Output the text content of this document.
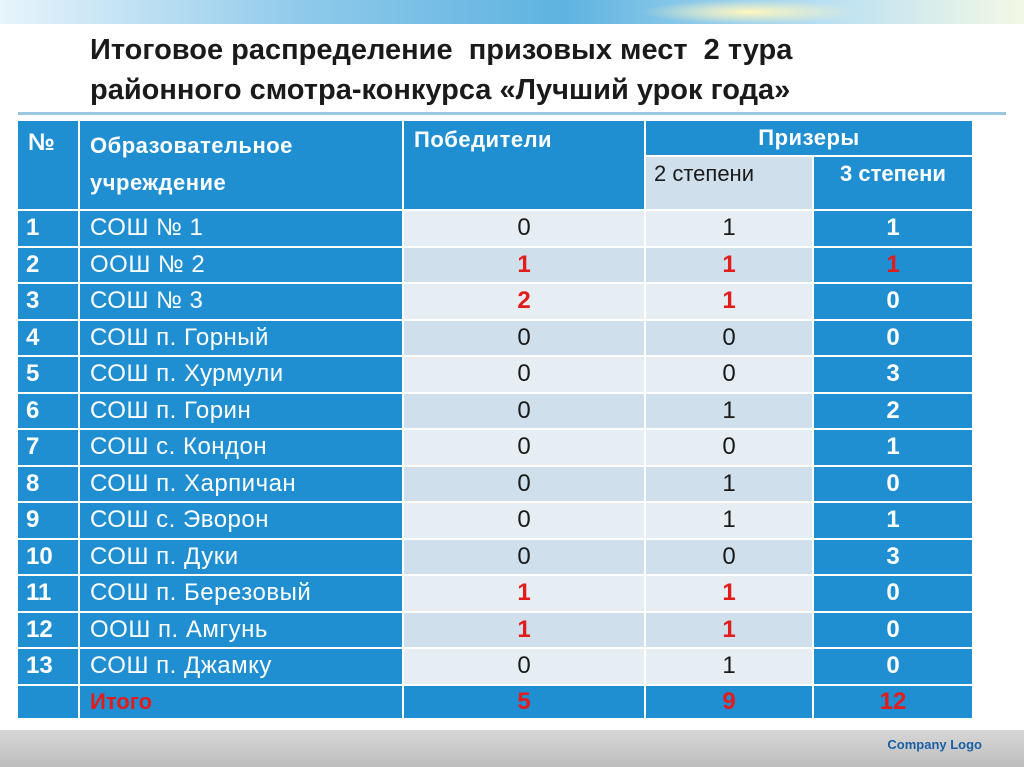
Итоговое распределение  призовых мест  2 тура
районного смотра-конкурса «Лучший урок года»
№	Образовательное учреждение	Победители	Призеры	
			2 степени	3 степени
1	СОШ № 1	0	1	1
2	ООШ № 2	1	1	1
3	СОШ № 3	2	1	0
4	СОШ п. Горный	0	0	0
5	СОШ п. Хурмули	0	0	3
6	СОШ п. Горин	0	1	2
7	СОШ с. Кондон	0	0	1
8	СОШ п. Харпичан	0	1	0
9	СОШ с. Эворон	0	1	1
10	СОШ п. Дуки	0	0	3
11	СОШ п. Березовый	1	1	0
12	ООШ п. Амгунь	1	1	0
13	СОШ п. Джамку	0	1	0
	Итого	5	9	12
Company Logo
